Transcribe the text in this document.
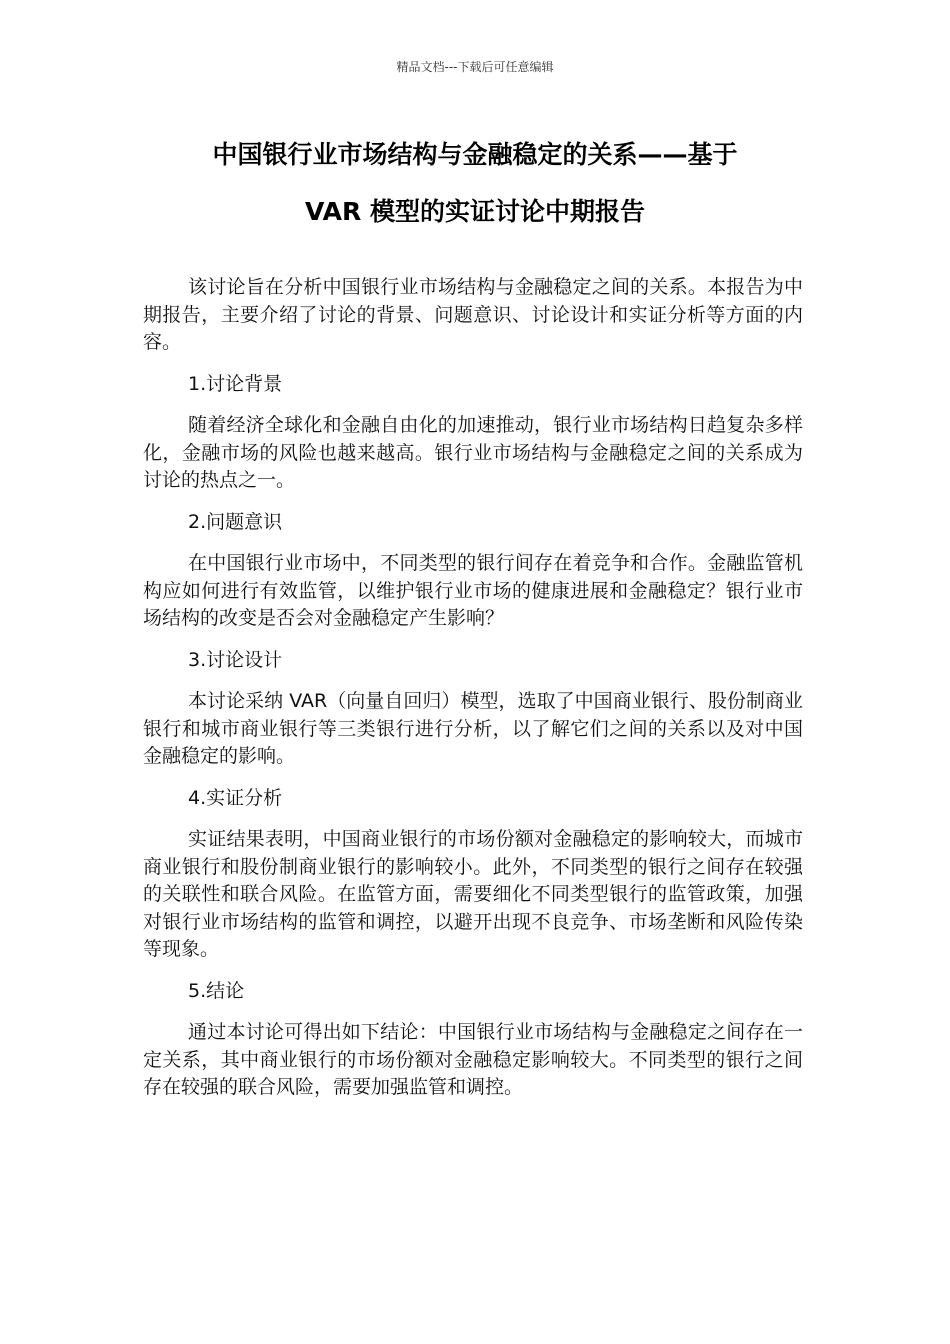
精品文档---下载后可任意编辑
中国银行业市场结构与金融稳定的关系——基于
VAR 模型的实证讨论中期报告

该讨论旨在分析中国银行业市场结构与金融稳定之间的关系。本报告为中期报告，主要介绍了讨论的背景、问题意识、讨论设计和实证分析等方面的内容。

1.讨论背景

随着经济全球化和金融自由化的加速推动，银行业市场结构日趋复杂多样化，金融市场的风险也越来越高。银行业市场结构与金融稳定之间的关系成为讨论的热点之一。

2.问题意识

在中国银行业市场中，不同类型的银行间存在着竞争和合作。金融监管机构应如何进行有效监管，以维护银行业市场的健康进展和金融稳定？银行业市场结构的改变是否会对金融稳定产生影响？

3.讨论设计

本讨论采纳 VAR（向量自回归）模型，选取了中国商业银行、股份制商业银行和城市商业银行等三类银行进行分析，以了解它们之间的关系以及对中国金融稳定的影响。

4.实证分析

实证结果表明，中国商业银行的市场份额对金融稳定的影响较大，而城市商业银行和股份制商业银行的影响较小。此外，不同类型的银行之间存在较强的关联性和联合风险。在监管方面，需要细化不同类型银行的监管政策，加强对银行业市场结构的监管和调控，以避开出现不良竞争、市场垄断和风险传染等现象。

5.结论

通过本讨论可得出如下结论：中国银行业市场结构与金融稳定之间存在一定关系，其中商业银行的市场份额对金融稳定影响较大。不同类型的银行之间存在较强的联合风险，需要加强监管和调控。
